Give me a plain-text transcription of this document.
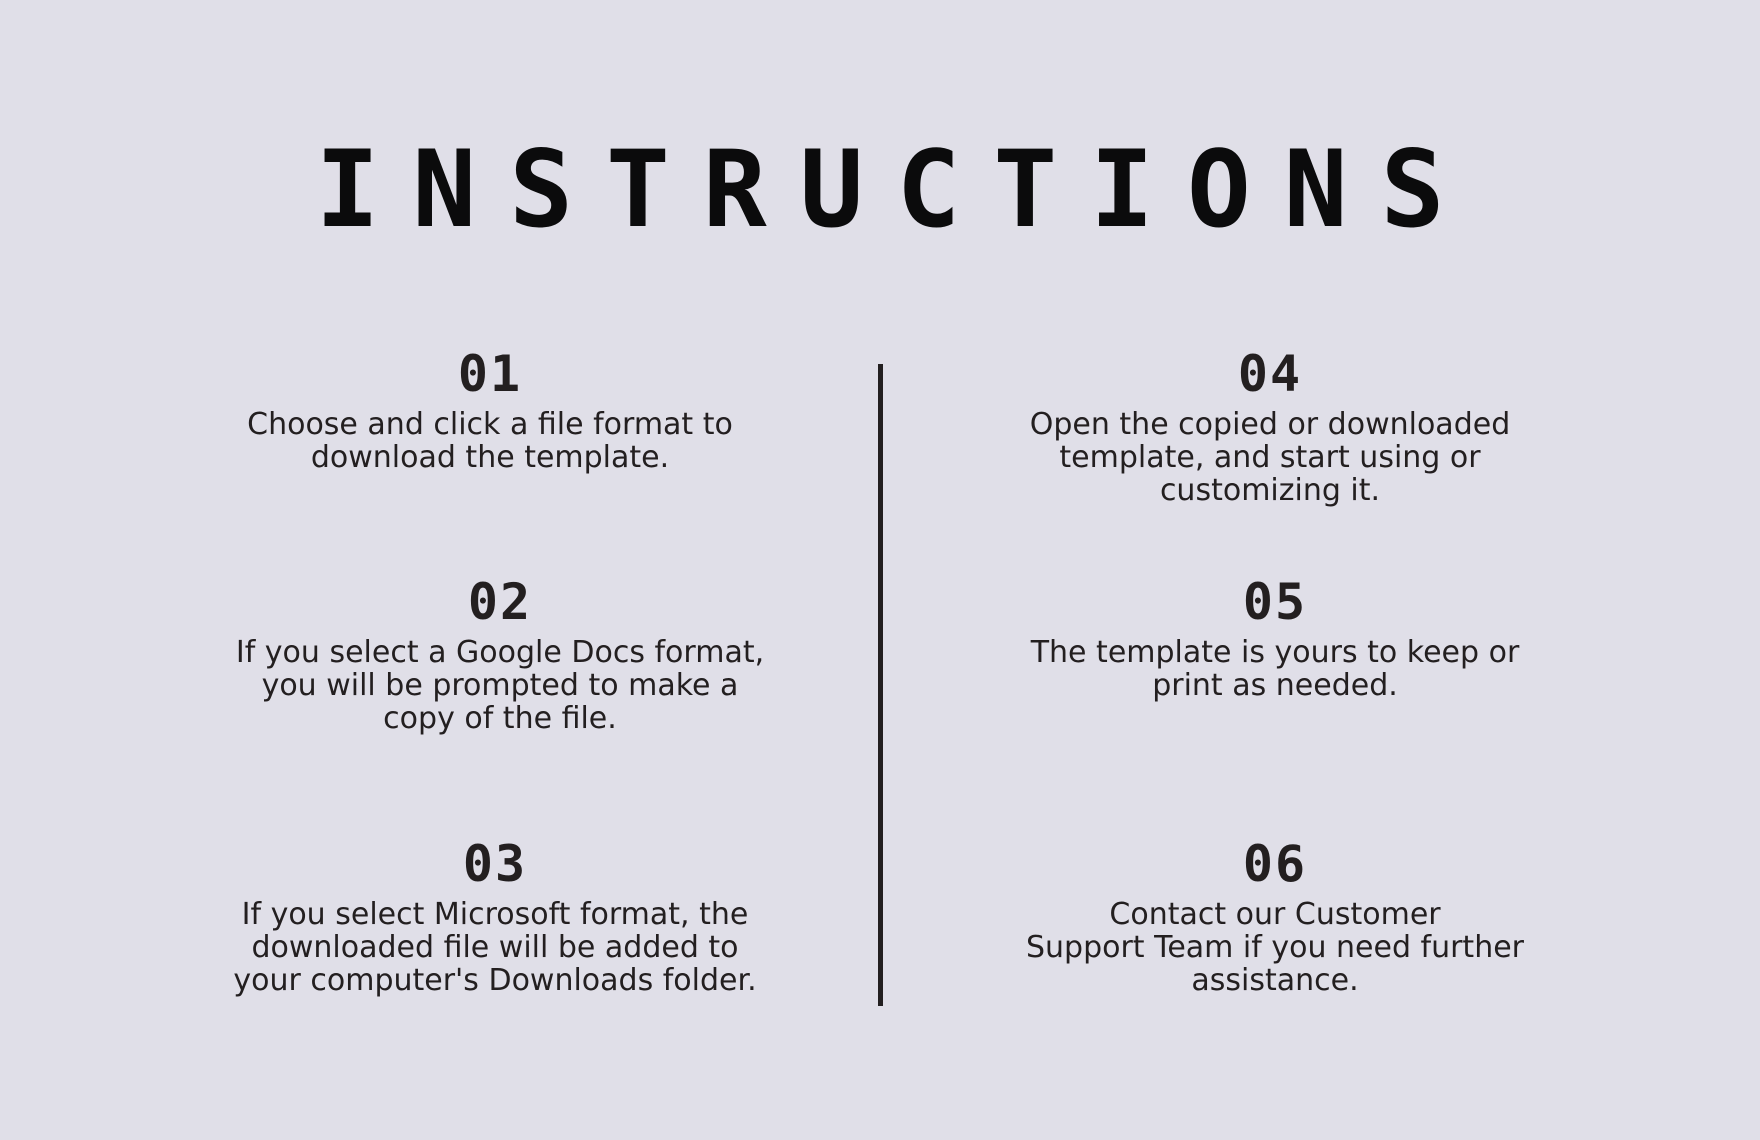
INSTRUCTIONS
01
Choose and click a file format to
download the template.
02
If you select a Google Docs format,
you will be prompted to make a
copy of the file.
03
If you select Microsoft format, the
downloaded file will be added to
your computer's Downloads folder.
04
Open the copied or downloaded
template, and start using or
customizing it.
05
The template is yours to keep or
print as needed.
06
Contact our Customer
Support Team if you need further
assistance.
